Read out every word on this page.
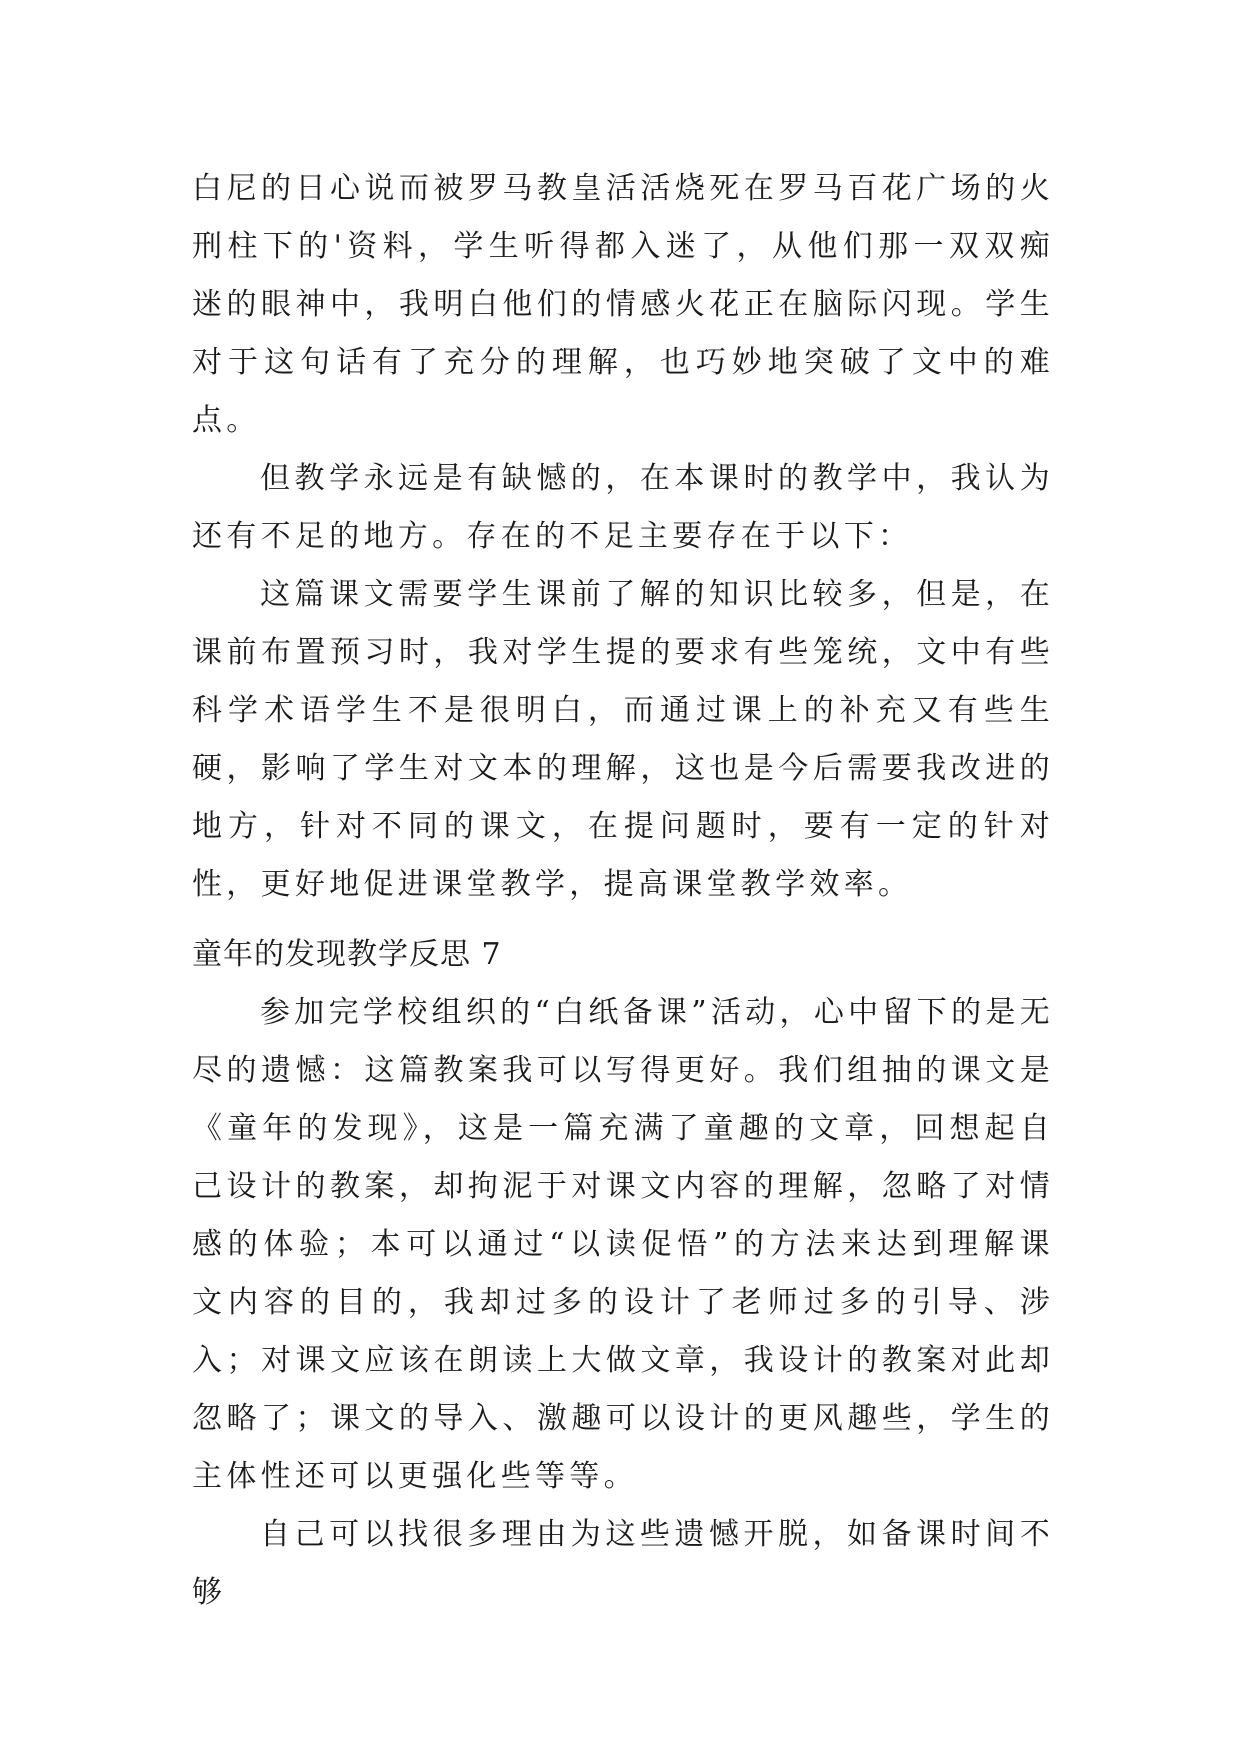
白尼的日心说而被罗马教皇活活烧死在罗马百花广场的火刑柱下的'资料，学生听得都入迷了，从他们那一双双痴迷的眼神中，我明白他们的情感火花正在脑际闪现。学生对于这句话有了充分的理解，也巧妙地突破了文中的难点。

但教学永远是有缺憾的，在本课时的教学中，我认为还有不足的地方。存在的不足主要存在于以下：

这篇课文需要学生课前了解的知识比较多，但是，在课前布置预习时，我对学生提的要求有些笼统，文中有些科学术语学生不是很明白，而通过课上的补充又有些生硬，影响了学生对文本的理解，这也是今后需要我改进的地方，针对不同的课文，在提问题时，要有一定的针对性，更好地促进课堂教学，提高课堂教学效率。

童年的发现教学反思 7

参加完学校组织的“白纸备课”活动，心中留下的是无尽的遗憾：这篇教案我可以写得更好。我们组抽的课文是《童年的发现》，这是一篇充满了童趣的文章，回想起自己设计的教案，却拘泥于对课文内容的理解，忽略了对情感的体验；本可以通过“以读促悟”的方法来达到理解课文内容的目的，我却过多的设计了老师过多的引导、涉入；对课文应该在朗读上大做文章，我设计的教案对此却忽略了；课文的导入、激趣可以设计的更风趣些，学生的主体性还可以更强化些等等。

自己可以找很多理由为这些遗憾开脱，如备课时间不够
